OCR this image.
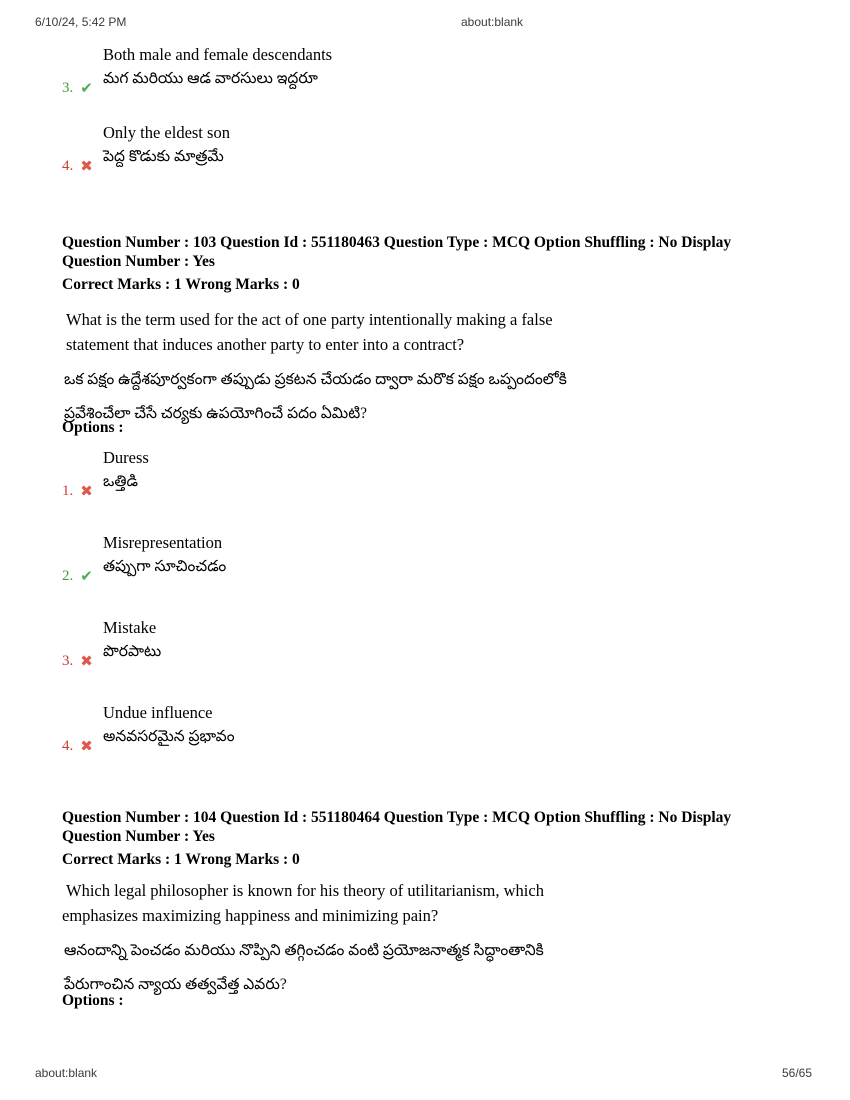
6/10/24, 5:42 PM	about:blank
3. ✔
Both male and female descendants
మగ మరియు ఆడ వారసులు ఇద్దరూ
4. ✖
Only the eldest son
పెద్ద కొడుకు మాత్రమే
Question Number : 103 Question Id : 551180463 Question Type : MCQ Option Shuffling : No Display
Question Number : Yes
Correct Marks : 1 Wrong Marks : 0
What is the term used for the act of one party intentionally making a false
statement that induces another party to enter into a contract?
ఒక పక్షం ఉద్దేశపూర్వకంగా తప్పుడు ప్రకటన చేయడం ద్వారా మరొక పక్షం ఒప్పందంలోకి
ప్రవేశించేలా చేసే చర్యకు ఉపయోగించే పదం ఏమిటి?
Options :
1. ✖
Duress
ఒత్తిడి
2. ✔
Misrepresentation
తప్పుగా సూచించడం
3. ✖
Mistake
పొరపాటు
4. ✖
Undue influence
అనవసరమైన ప్రభావం
Question Number : 104 Question Id : 551180464 Question Type : MCQ Option Shuffling : No Display
Question Number : Yes
Correct Marks : 1 Wrong Marks : 0
Which legal philosopher is known for his theory of utilitarianism, which
emphasizes maximizing happiness and minimizing pain?
ఆనందాన్ని పెంచడం మరియు నొప్పిని తగ్గించడం వంటి ప్రయోజనాత్మక సిద్ధాంతానికి
పేరుగాంచిన న్యాయ తత్వవేత్త ఎవరు?
Options :
about:blank	56/65
